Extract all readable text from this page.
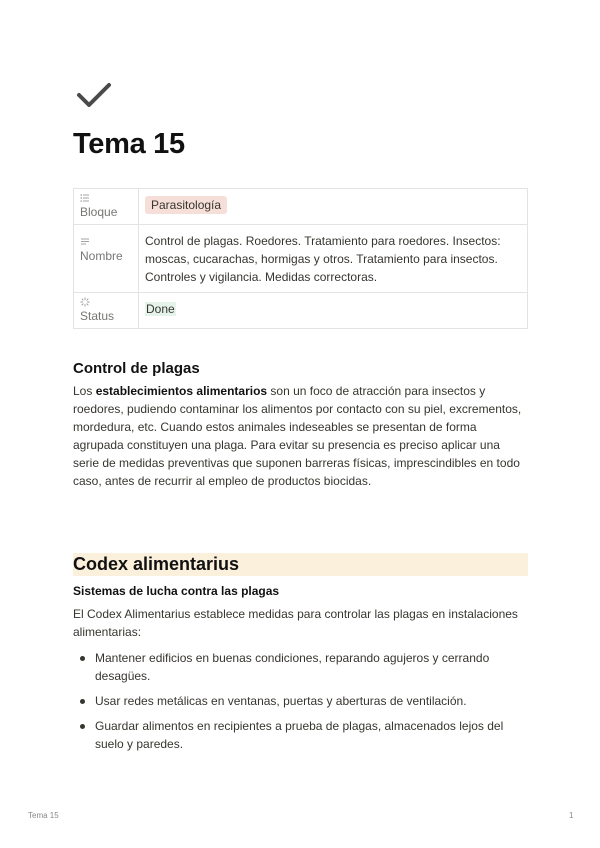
Tema 15
Bloque	Parasitología

Nombre	Control de plagas. Roedores. Tratamiento para roedores. Insectos: moscas, cucarachas, hormigas y otros. Tratamiento para insectos. Controles y vigilancia. Medidas correctoras.

Status	Done
Control de plagas

Los establecimientos alimentarios son un foco de atracción para insectos y roedores, pudiendo contaminar los alimentos por contacto con su piel, excrementos, mordedura, etc. Cuando estos animales indeseables se presentan de forma agrupada constituyen una plaga. Para evitar su presencia es preciso aplicar una serie de medidas preventivas que suponen barreras físicas, imprescindibles en todo caso, antes de recurrir al empleo de productos biocidas.

Codex alimentarius
Sistemas de lucha contra las plagas

El Codex Alimentarius establece medidas para controlar las plagas en instalaciones alimentarias:

Mantener edificios en buenas condiciones, reparando agujeros y cerrando desagües.
Usar redes metálicas en ventanas, puertas y aberturas de ventilación.
Guardar alimentos en recipientes a prueba de plagas, almacenados lejos del suelo y paredes.
Tema 15	1
